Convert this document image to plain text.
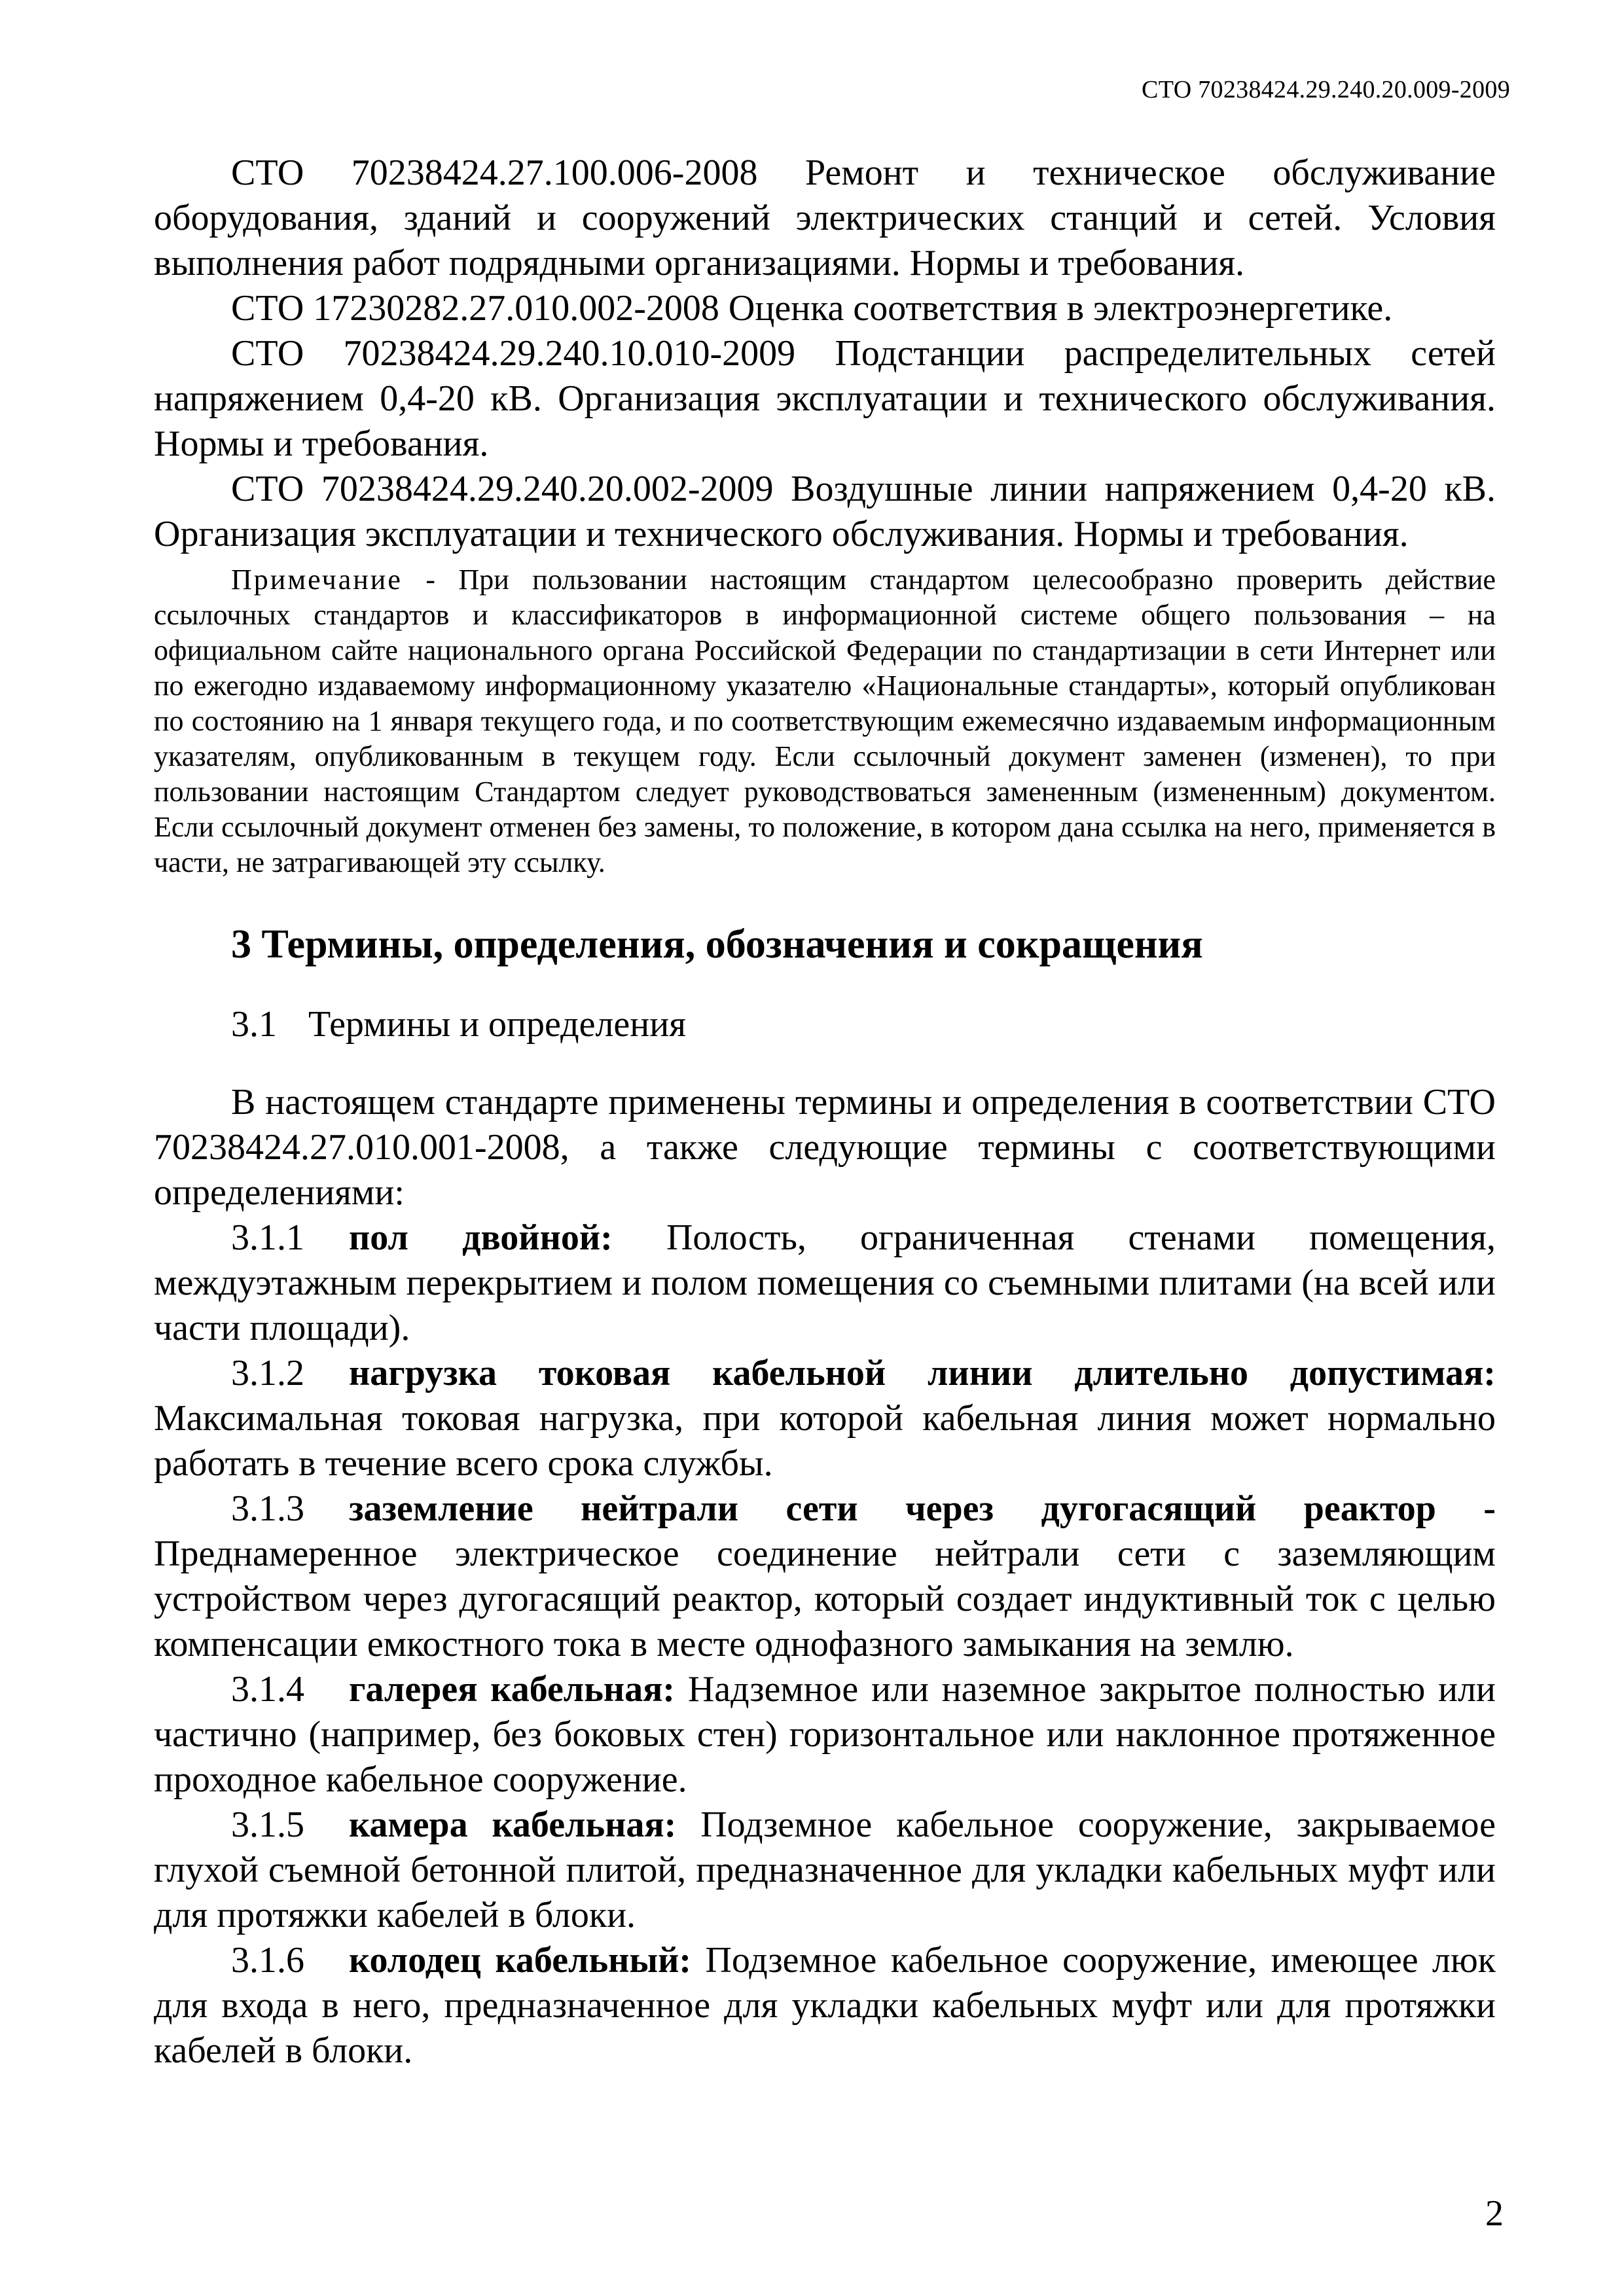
СТО 70238424.29.240.20.009-2009

СТО 70238424.27.100.006-2008 Ремонт и техническое обслуживание оборудования, зданий и сооружений электрических станций и сетей. Условия выполнения работ подрядными организациями. Нормы и требования.

СТО 17230282.27.010.002-2008 Оценка соответствия в электроэнергетике.

СТО 70238424.29.240.10.010-2009 Подстанции распределительных сетей напряжением 0,4-20 кВ. Организация эксплуатации и технического обслуживания. Нормы и требования.

СТО 70238424.29.240.20.002-2009 Воздушные линии напряжением 0,4-20 кВ. Организация эксплуатации и технического обслуживания. Нормы и требования.

Примечание - При пользовании настоящим стандартом целесообразно проверить действие ссылочных стандартов и классификаторов в информационной системе общего пользования – на официальном сайте национального органа Российской Федерации по стандартизации в сети Интернет или по ежегодно издаваемому информационному указателю «Национальные стандарты», который опубликован по состоянию на 1 января текущего года, и по соответствующим ежемесячно издаваемым информационным указателям, опубликованным в текущем году. Если ссылочный документ заменен (изменен), то при пользовании настоящим Стандартом следует руководствоваться замененным (измененным) документом. Если ссылочный документ отменен без замены, то положение, в котором дана ссылка на него, применяется в части, не затрагивающей эту ссылку.

3 Термины, определения, обозначения и сокращения

3.1 Термины и определения

В настоящем стандарте применены термины и определения в соответствии СТО 70238424.27.010.001-2008, а также следующие термины с соответствующими определениями:

3.1.1 пол двойной: Полость, ограниченная стенами помещения, междуэтажным перекрытием и полом помещения со съемными плитами (на всей или части площади).

3.1.2 нагрузка токовая кабельной линии длительно допустимая: Максимальная токовая нагрузка, при которой кабельная линия может нормально работать в течение всего срока службы.

3.1.3 заземление нейтрали сети через дугогасящий реактор - Преднамеренное электрическое соединение нейтрали сети с заземляющим устройством через дугогасящий реактор, который создает индуктивный ток с целью компенсации емкостного тока в месте однофазного замыкания на землю.

3.1.4 галерея кабельная: Надземное или наземное закрытое полностью или частично (например, без боковых стен) горизонтальное или наклонное протяженное проходное кабельное сооружение.

3.1.5 камера кабельная: Подземное кабельное сооружение, закрываемое глухой съемной бетонной плитой, предназначенное для укладки кабельных муфт или для протяжки кабелей в блоки.

3.1.6 колодец кабельный: Подземное кабельное сооружение, имеющее люк для входа в него, предназначенное для укладки кабельных муфт или для протяжки кабелей в блоки.

2
